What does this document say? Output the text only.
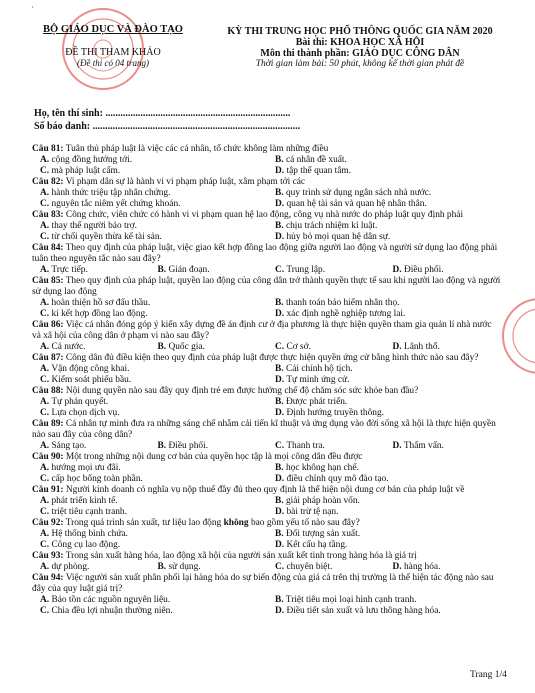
·
BỘ GIÁO DỤC VÀ ĐÀO TẠO
ĐỀ THI THAM KHẢO
(Đề thi có 04 trang)
KỲ THI TRUNG HỌC PHỔ THÔNG QUỐC GIA NĂM 2020
Bài thi: KHOA HỌC XÃ HỘI
Môn thi thành phần: GIÁO DỤC CÔNG DÂN
Thời gian làm bài: 50 phút, không kể thời gian phát đề
Họ, tên thí sinh: ..........................................................................
Số báo danh: ...................................................................................
Câu 81: Tuân thủ pháp luật là việc các cá nhân, tổ chức không làm những điều
A. cộng đồng hướng tới.	B. cá nhân đề xuất.
C. mà pháp luật cấm.	D. tập thể quan tâm.
Câu 82: Vi phạm dân sự là hành vi vi phạm pháp luật, xâm phạm tới các
A. hành thức triệu tập nhân chứng.	B. quy trình sử dụng ngân sách nhà nước.
C. nguyên tắc niêm yết chứng khoán.	D. quan hệ tài sản và quan hệ nhân thân.
Câu 83: Công chức, viên chức có hành vi vi phạm quan hệ lao động, công vụ nhà nước do pháp luật quy định phải
A. thay thế người bảo trợ.	B. chịu trách nhiệm kỉ luật.
C. từ chối quyền thừa kế tài sản.	D. hủy bỏ mọi quan hệ dân sự.
Câu 84: Theo quy định của pháp luật, việc giao kết hợp đồng lao động giữa người lao động và người sử dụng lao động phải tuân theo nguyên tắc nào sau đây?
A. Trực tiếp.	B. Gián đoạn.	C. Trung lập.	D. Điều phối.
Câu 85: Theo quy định của pháp luật, quyền lao động của công dân trở thành quyền thực tế sau khi người lao động và người sử dụng lao động
A. hoàn thiện hồ sơ đấu thầu.	B. thanh toán bảo hiểm nhân thọ.
C. kí kết hợp đồng lao động.	D. xác định nghề nghiệp tương lai.
Câu 86: Việc cá nhân đóng góp ý kiến xây dựng đề án định cư ở địa phương là thực hiện quyền tham gia quản lí nhà nước và xã hội của công dân ở phạm vi nào sau đây?
A. Cả nước.	B. Quốc gia.	C. Cơ sở.	D. Lãnh thổ.
Câu 87: Công dân đủ điều kiện theo quy định của pháp luật được thực hiện quyền ứng cử bằng hình thức nào sau đây?
A. Vận động công khai.	B. Cải chính hộ tịch.
C. Kiểm soát phiếu bầu.	D. Tự minh ứng cử.
Câu 88: Nội dung quyền nào sau đây quy định trẻ em được hưởng chế độ chăm sóc sức khỏe ban đầu?
A. Tự phán quyết.	B. Được phát triển.
C. Lựa chọn dịch vụ.	D. Định hướng truyền thông.
Câu 89: Cá nhân tự mình đưa ra những sáng chế nhằm cải tiến kĩ thuật và ứng dụng vào đời sống xã hội là thực hiện quyền nào sau đây của công dân?
A. Sáng tạo.	B. Điều phối.	C. Thanh tra.	D. Thẩm vấn.
Câu 90: Một trong những nội dung cơ bản của quyền học tập là mọi công dân đều được
A. hướng mọi ưu đãi.	B. học không hạn chế.
C. cấp học bổng toàn phần.	D. điều chỉnh quy mô đào tạo.
Câu 91: Người kinh doanh có nghĩa vụ nộp thuế đầy đủ theo quy định là thể hiện nội dung cơ bản của pháp luật về
A. phát triển kinh tế.	B. giải pháp hoàn vốn.
C. triệt tiêu cạnh tranh.	D. bài trừ tệ nạn.
Câu 92: Trong quá trình sản xuất, tư liệu lao động không bao gồm yếu tố nào sau đây?
A. Hệ thống bình chứa.	B. Đối tượng sản xuất.
C. Công cụ lao động.	D. Kết cấu hạ tầng.
Câu 93: Trong sản xuất hàng hóa, lao động xã hội của người sản xuất kết tinh trong hàng hóa là giá trị
A. dự phòng.	B. sử dụng.	C. chuyên biệt.	D. hàng hóa.
Câu 94: Việc người sản xuất phân phối lại hàng hóa do sự biến động của giá cả trên thị trường là thể hiện tác động nào sau đây của quy luật giá trị?
A. Bảo tồn các nguồn nguyên liệu.	B. Triệt tiêu mọi loại hình cạnh tranh.
C. Chia đều lợi nhuận thường niên.	D. Điều tiết sản xuất và lưu thông hàng hóa.
Trang 1/4
